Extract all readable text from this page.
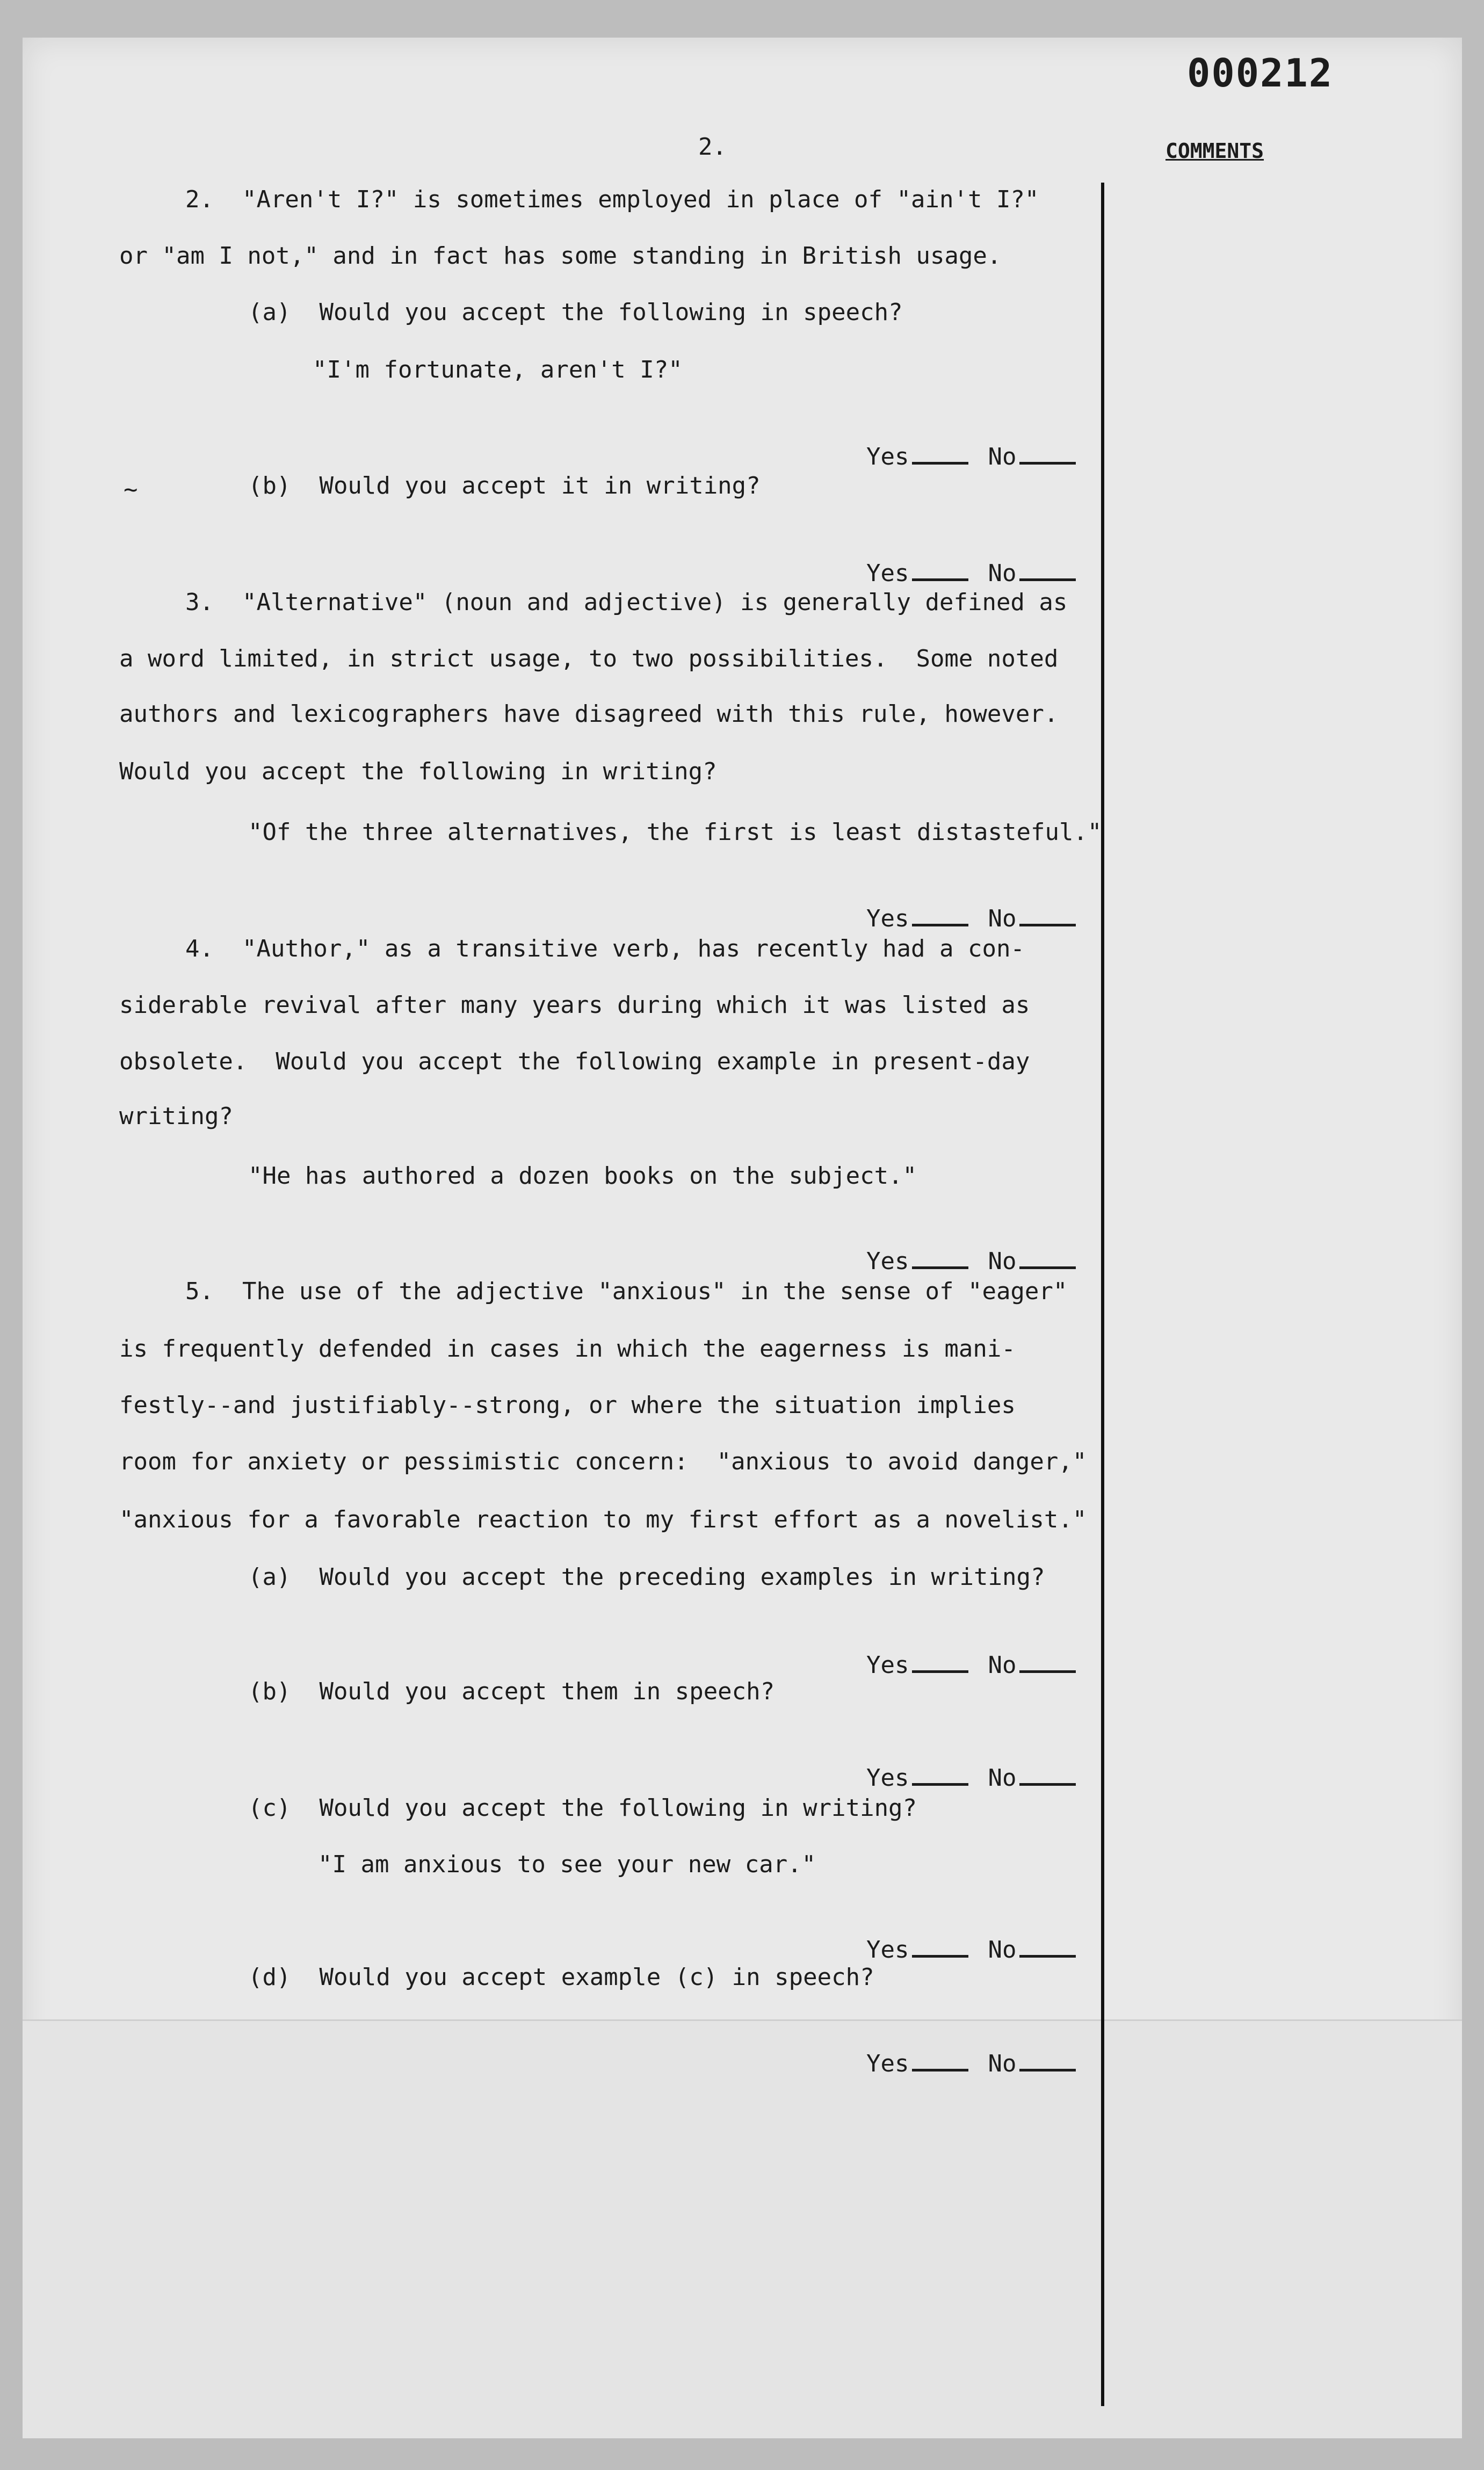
000212
2.	COMMENTS
~
2.  "Aren't I?" is sometimes employed in place of "ain't I?"
or "am I not," and in fact has some standing in British usage.
(a)  Would you accept the following in speech?
"I'm fortunate, aren't I?"

Yes	No

(b)  Would you accept it in writing?

Yes	No

3.  "Alternative" (noun and adjective) is generally defined as
a word limited, in strict usage, to two possibilities.  Some noted
authors and lexicographers have disagreed with this rule, however.
Would you accept the following in writing?
"Of the three alternatives, the first is least distasteful."

Yes	No

4.  "Author," as a transitive verb, has recently had a con-
siderable revival after many years during which it was listed as
obsolete.  Would you accept the following example in present-day
writing?
"He has authored a dozen books on the subject."

Yes	No

5.  The use of the adjective "anxious" in the sense of "eager"
is frequently defended in cases in which the eagerness is mani-
festly--and justifiably--strong, or where the situation implies
room for anxiety or pessimistic concern:  "anxious to avoid danger,"
"anxious for a favorable reaction to my first effort as a novelist."
(a)  Would you accept the preceding examples in writing?

Yes	No

(b)  Would you accept them in speech?

Yes	No

(c)  Would you accept the following in writing?
"I am anxious to see your new car."

Yes	No

(d)  Would you accept example (c) in speech?

Yes	No
